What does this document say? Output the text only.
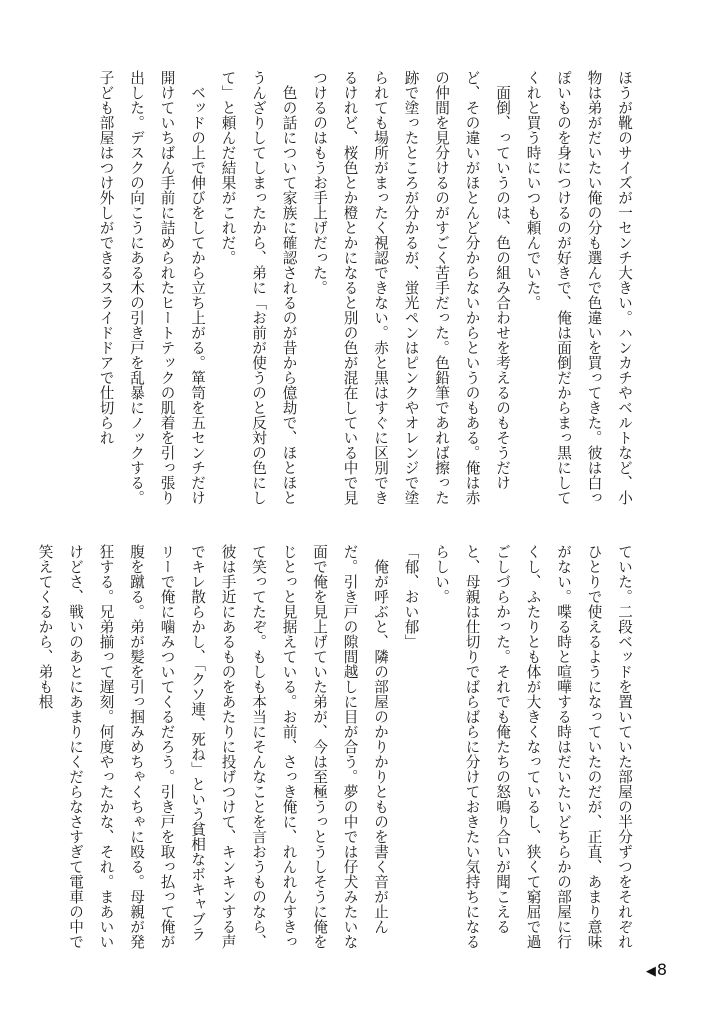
ほうが靴のサイズが一センチ大きい。ハンカチやベルトなど、小物は弟がだいたい俺の分も選んで色違いを買ってきた。彼は白っぽいものを身につけるのが好きで、俺は面倒だからまっ黒にしてくれと買う時にいつも頼んでいた。

面倒、っていうのは、色の組み合わせを考えるのもそうだけど、その違いがほとんど分からないからというのもある。俺は赤の仲間を見分けるのがすごく苦手だった。色鉛筆であれば擦った跡で塗ったところが分かるが、蛍光ペンはピンクやオレンジで塗られても場所がまったく視認できない。赤と黒はすぐに区別できるけれど、桜色とか橙とかになると別の色が混在している中で見つけるのはもうお手上げだった。

色の話について家族に確認されるのが昔から億劫で、ほとほとうんざりしてしまったから、弟に「お前が使うのと反対の色にして」と頼んだ結果がこれだ。

ベッドの上で伸びをしてから立ち上がる。箪笥を五センチだけ開けていちばん手前に詰められたヒートテックの肌着を引っ張り出した。デスクの向こうにある木の引き戸を乱暴にノックする。子ども部屋はつけ外しができるスライドドアで仕切られ

ていた。二段ベッドを置いていた部屋の半分ずつをそれぞれひとりで使えるようになっていたのだが、正直、あまり意味がない。喋る時と喧嘩する時はだいたいどちらかの部屋に行くし、ふたりとも体が大きくなっているし、狭くて窮屈で過ごしづらかった。それでも俺たちの怒鳴り合いが聞こえると、母親は仕切りでばらばらに分けておきたい気持ちになるらしい。

「郁、おい郁」

俺が呼ぶと、隣の部屋のかりかりとものを書く音が止んだ。引き戸の隙間越しに目が合う。夢の中では仔犬みたいな面で俺を見上げていた弟が、今は至極うっとうしそうに俺をじとっと見据えている。お前、さっき俺に、れんれんすきって笑ってたぞ。もしも本当にそんなことを言おうものなら、彼は手近にあるものをあたりに投げつけて、キンキンする声でキレ散らかし、「クソ連、死ね」という貧相なボキャブラリーで俺に噛みついてくるだろう。引き戸を取っ払って俺が腹を蹴る。弟が髪を引っ掴みめちゃくちゃに殴る。母親が発狂する。兄弟揃って遅刻。何度やったかな、それ。まあいいけどさ、戦いのあとにあまりにくだらなさすぎて電車の中で笑えてくるから、弟も根

◀8
